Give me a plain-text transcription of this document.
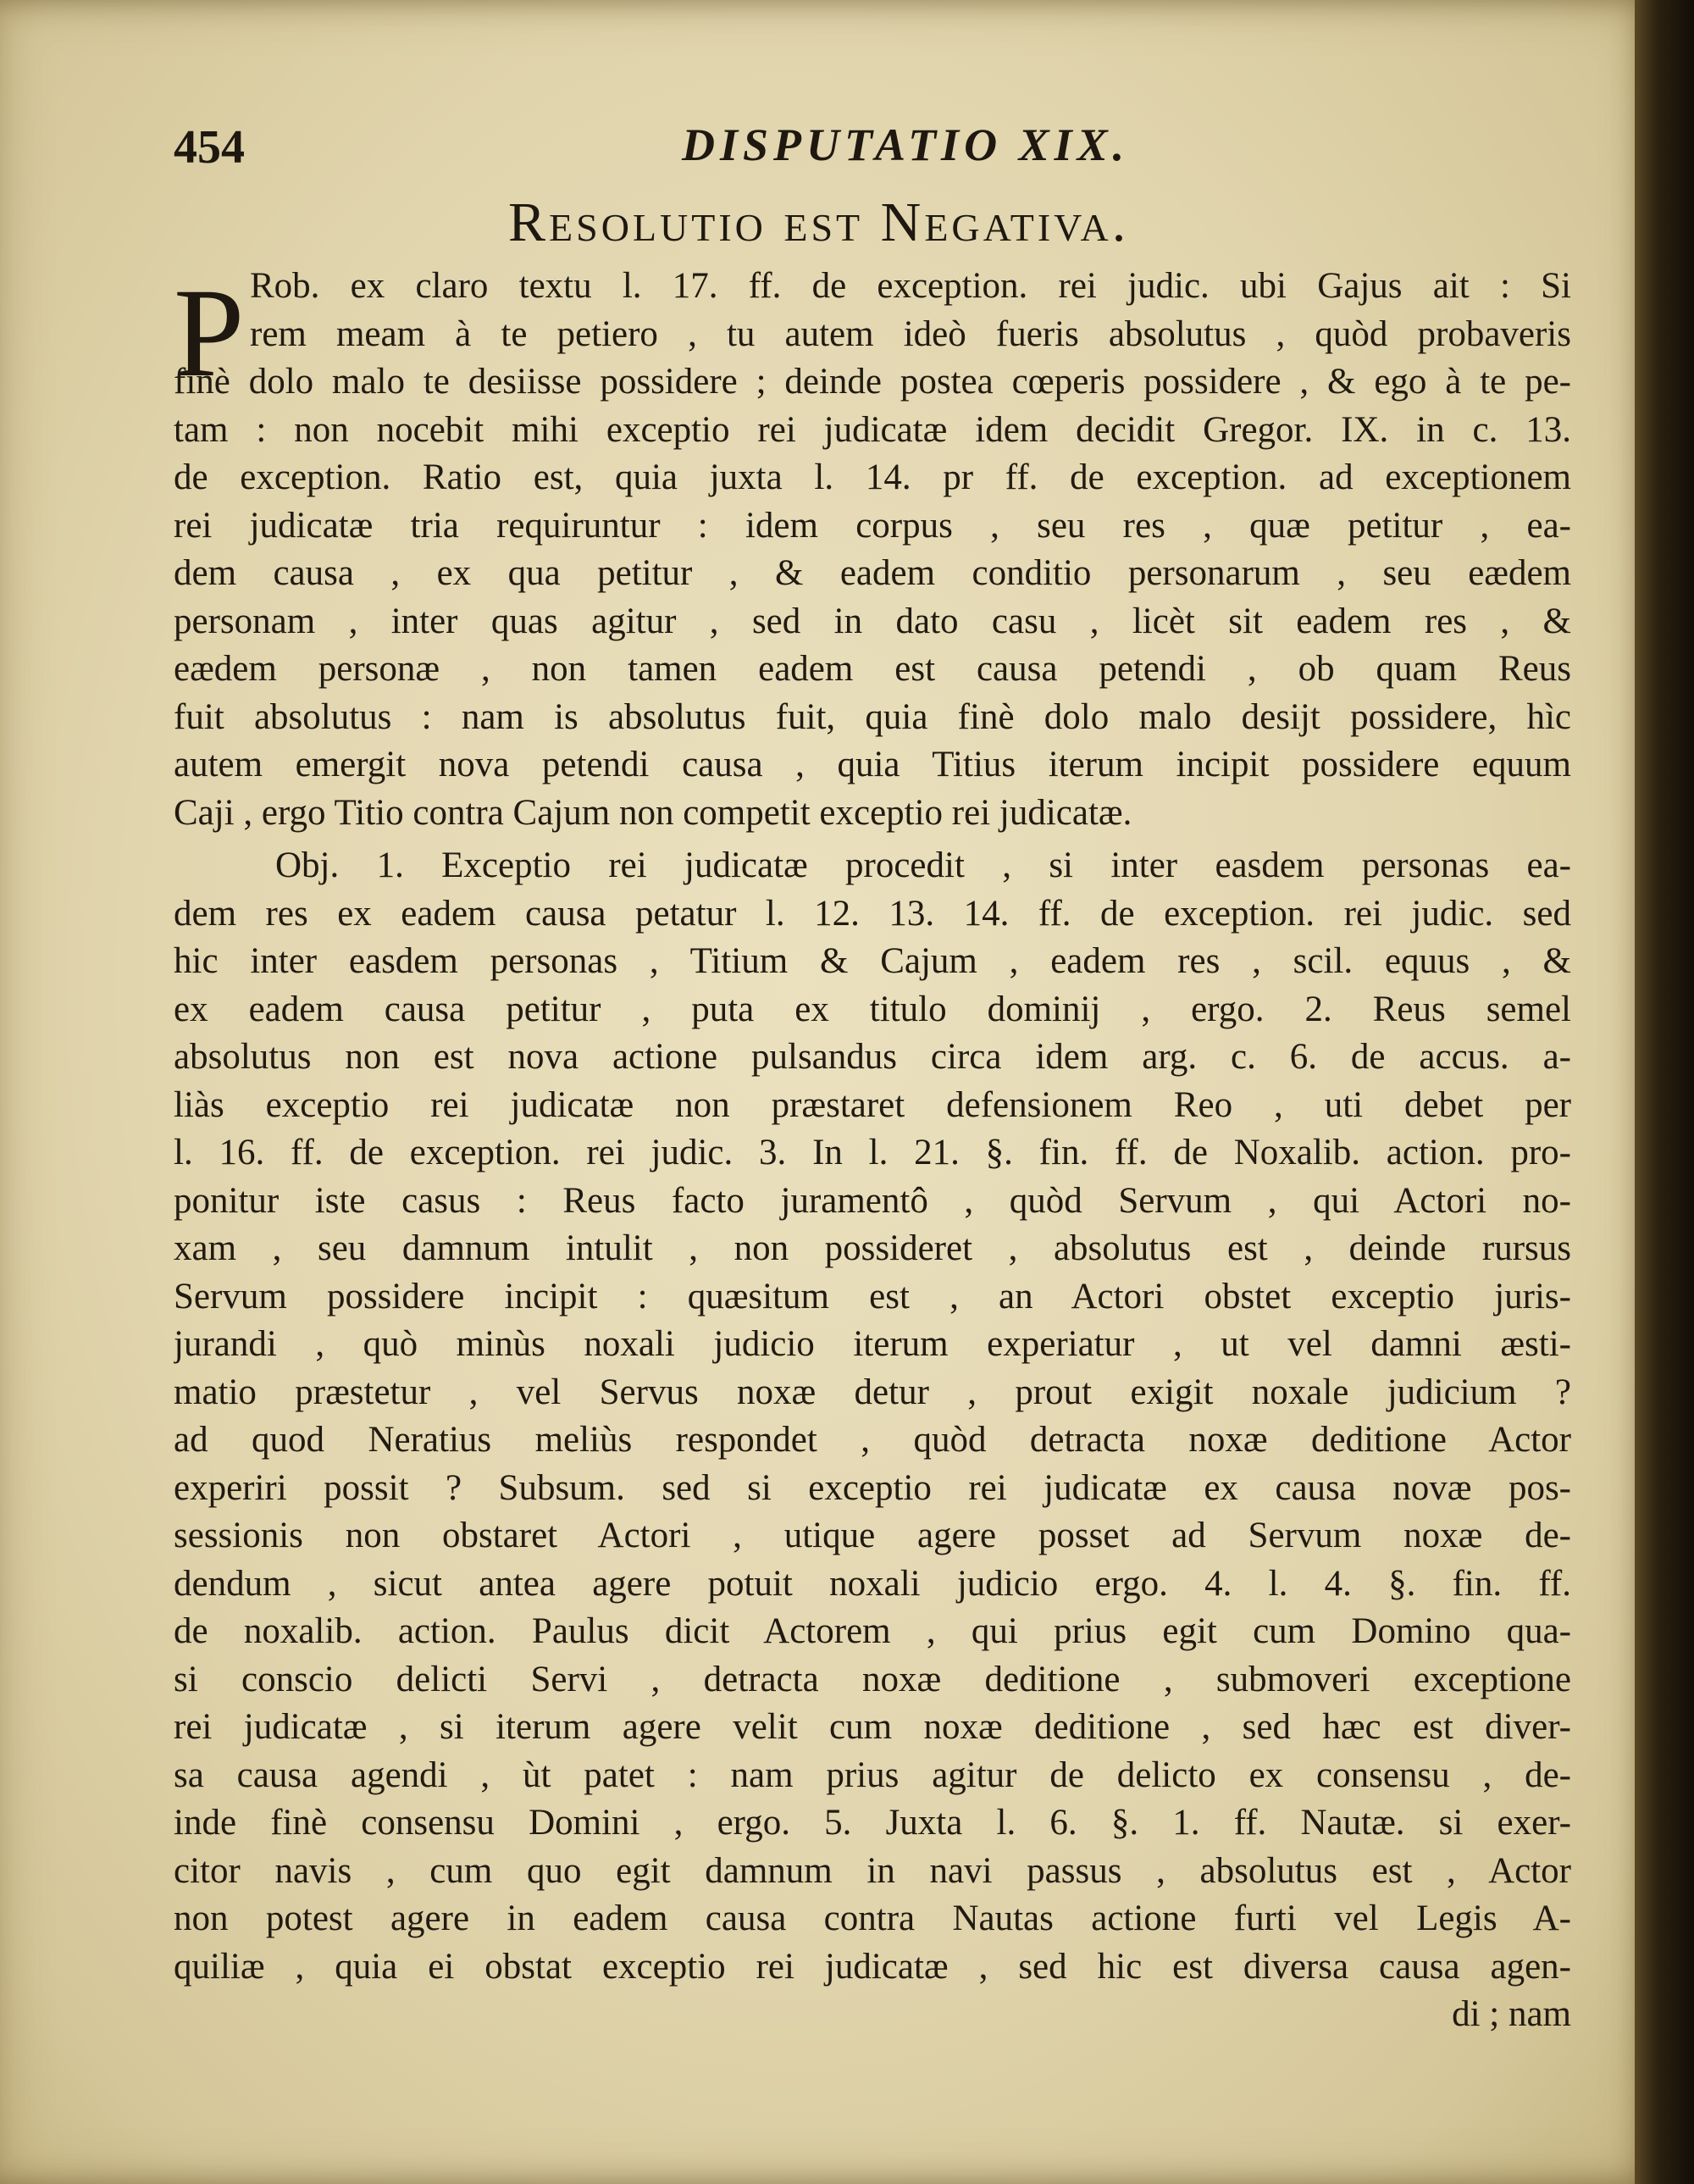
454	DISPUTATIO XIX.
Resolutio est Negativa.
P Rob. ex claro textu l. 17. ff. de exception. rei judic. ubi Gajus ait : Si
rem meam à te petiero , tu autem ideò fueris absolutus , quòd probaveris
finè dolo malo te desiisse possidere ; deinde postea cœperis possidere , & ego à te pe-
tam : non nocebit mihi exceptio rei judicatæ idem decidit Gregor. IX. in c. 13.
de exception. Ratio est, quia juxta l. 14. pr ff. de exception. ad exceptionem
rei judicatæ tria requiruntur : idem corpus , seu res , quæ petitur , ea-
dem causa , ex qua petitur , & eadem conditio personarum , seu eædem
personam , inter quas agitur , sed in dato casu , licèt sit eadem res , &
eædem personæ , non tamen eadem est causa petendi , ob quam Reus
fuit absolutus : nam is absolutus fuit, quia finè dolo malo desijt possidere, hìc
autem emergit nova petendi causa , quia Titius iterum incipit possidere equum
Caji , ergo Titio contra Cajum non competit exceptio rei judicatæ.
Obj. 1. Exceptio rei judicatæ procedit , si inter easdem personas ea-
dem res ex eadem causa petatur l. 12. 13. 14. ff. de exception. rei judic. sed
hic inter easdem personas , Titium & Cajum , eadem res , scil. equus , &
ex eadem causa petitur , puta ex titulo dominij , ergo. 2. Reus semel
absolutus non est nova actione pulsandus circa idem arg. c. 6. de accus. a-
liàs exceptio rei judicatæ non præstaret defensionem Reo , uti debet per
l. 16. ff. de exception. rei judic. 3. In l. 21. §. fin. ff. de Noxalib. action. pro-
ponitur iste casus : Reus facto juramentô , quòd Servum , qui Actori no-
xam , seu damnum intulit , non possideret , absolutus est , deinde rursus
Servum possidere incipit : quæsitum est , an Actori obstet exceptio juris-
jurandi , quò minùs noxali judicio iterum experiatur , ut vel damni æsti-
matio præstetur , vel Servus noxæ detur , prout exigit noxale judicium ?
ad quod Neratius meliùs respondet , quòd detracta noxæ deditione Actor
experiri possit ? Subsum. sed si exceptio rei judicatæ ex causa novæ pos-
sessionis non obstaret Actori , utique agere posset ad Servum noxæ de-
dendum , sicut antea agere potuit noxali judicio ergo. 4. l. 4. §. fin. ff.
de noxalib. action. Paulus dicit Actorem , qui prius egit cum Domino qua-
si conscio delicti Servi , detracta noxæ deditione , submoveri exceptione
rei judicatæ , si iterum agere velit cum noxæ deditione , sed hæc est diver-
sa causa agendi , ùt patet : nam prius agitur de delicto ex consensu , de-
inde finè consensu Domini , ergo. 5. Juxta l. 6. §. 1. ff. Nautæ. si exer-
citor navis , cum quo egit damnum in navi passus , absolutus est , Actor
non potest agere in eadem causa contra Nautas actione furti vel Legis A-
quiliæ , quia ei obstat exceptio rei judicatæ , sed hic est diversa causa agen-
di ; nam
